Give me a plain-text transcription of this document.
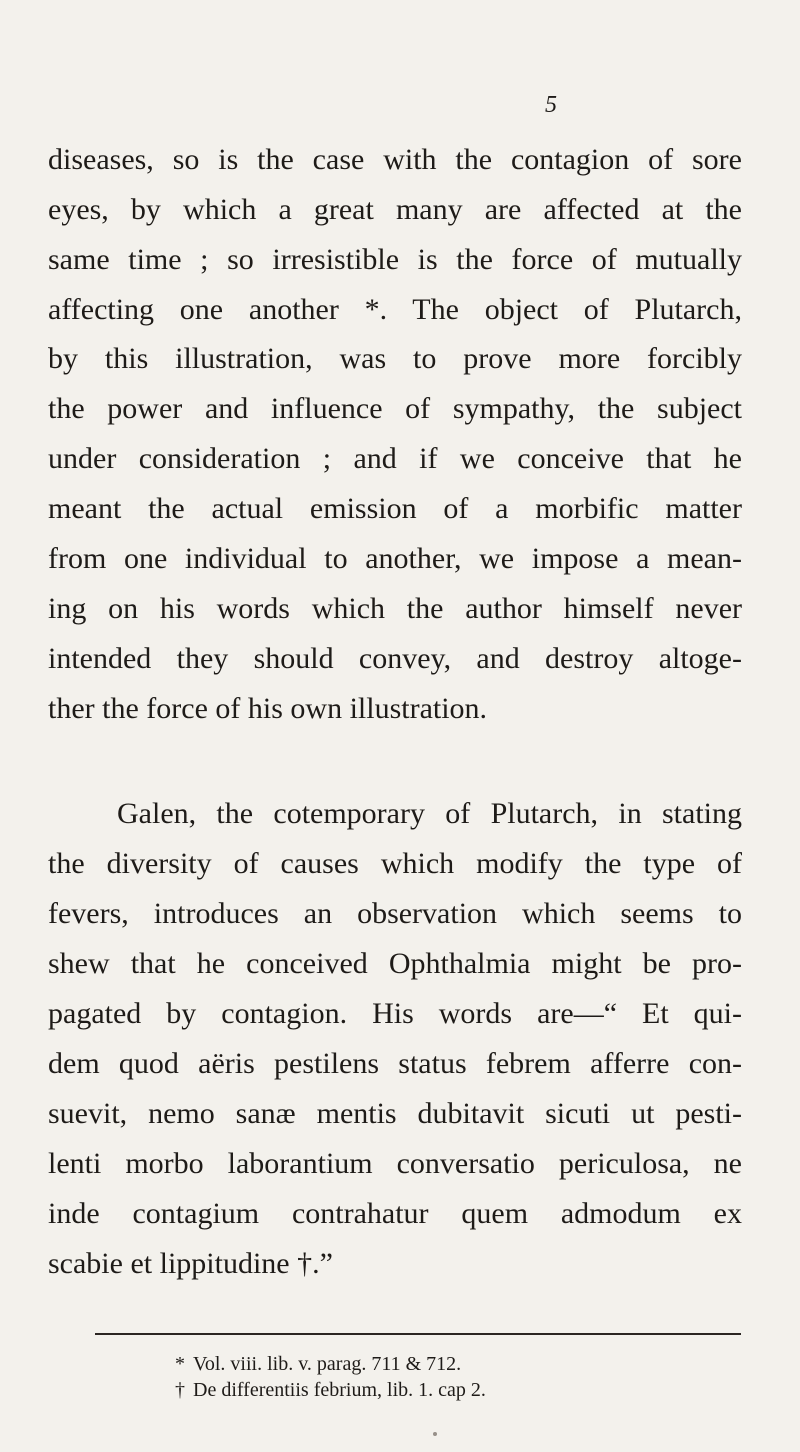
5

diseases, so is the case with the contagion of sore

eyes, by which a great many are affected at the

same time ; so irresistible is the force of mutually

affecting one another *. The object of Plutarch,

by this illustration, was to prove more forcibly

the power and influence of sympathy, the subject

under consideration ; and if we conceive that he

meant the actual emission of a morbific matter

from one individual to another, we impose a mean-

ing on his words which the author himself never

intended they should convey, and destroy altoge-

ther the force of his own illustration.

Galen, the cotemporary of Plutarch, in stating

the diversity of causes which modify the type of

fevers, introduces an observation which seems to

shew that he conceived Ophthalmia might be pro-

pagated by contagion. His words are—“ Et qui-

dem quod aëris pestilens status febrem afferre con-

suevit, nemo sanæ mentis dubitavit sicuti ut pesti-

lenti morbo laborantium conversatio periculosa, ne

inde contagium contrahatur quem admodum ex

scabie et lippitudine †.”

* Vol. viii. lib. v. parag. 711 & 712.

† De differentiis febrium, lib. 1. cap 2.
